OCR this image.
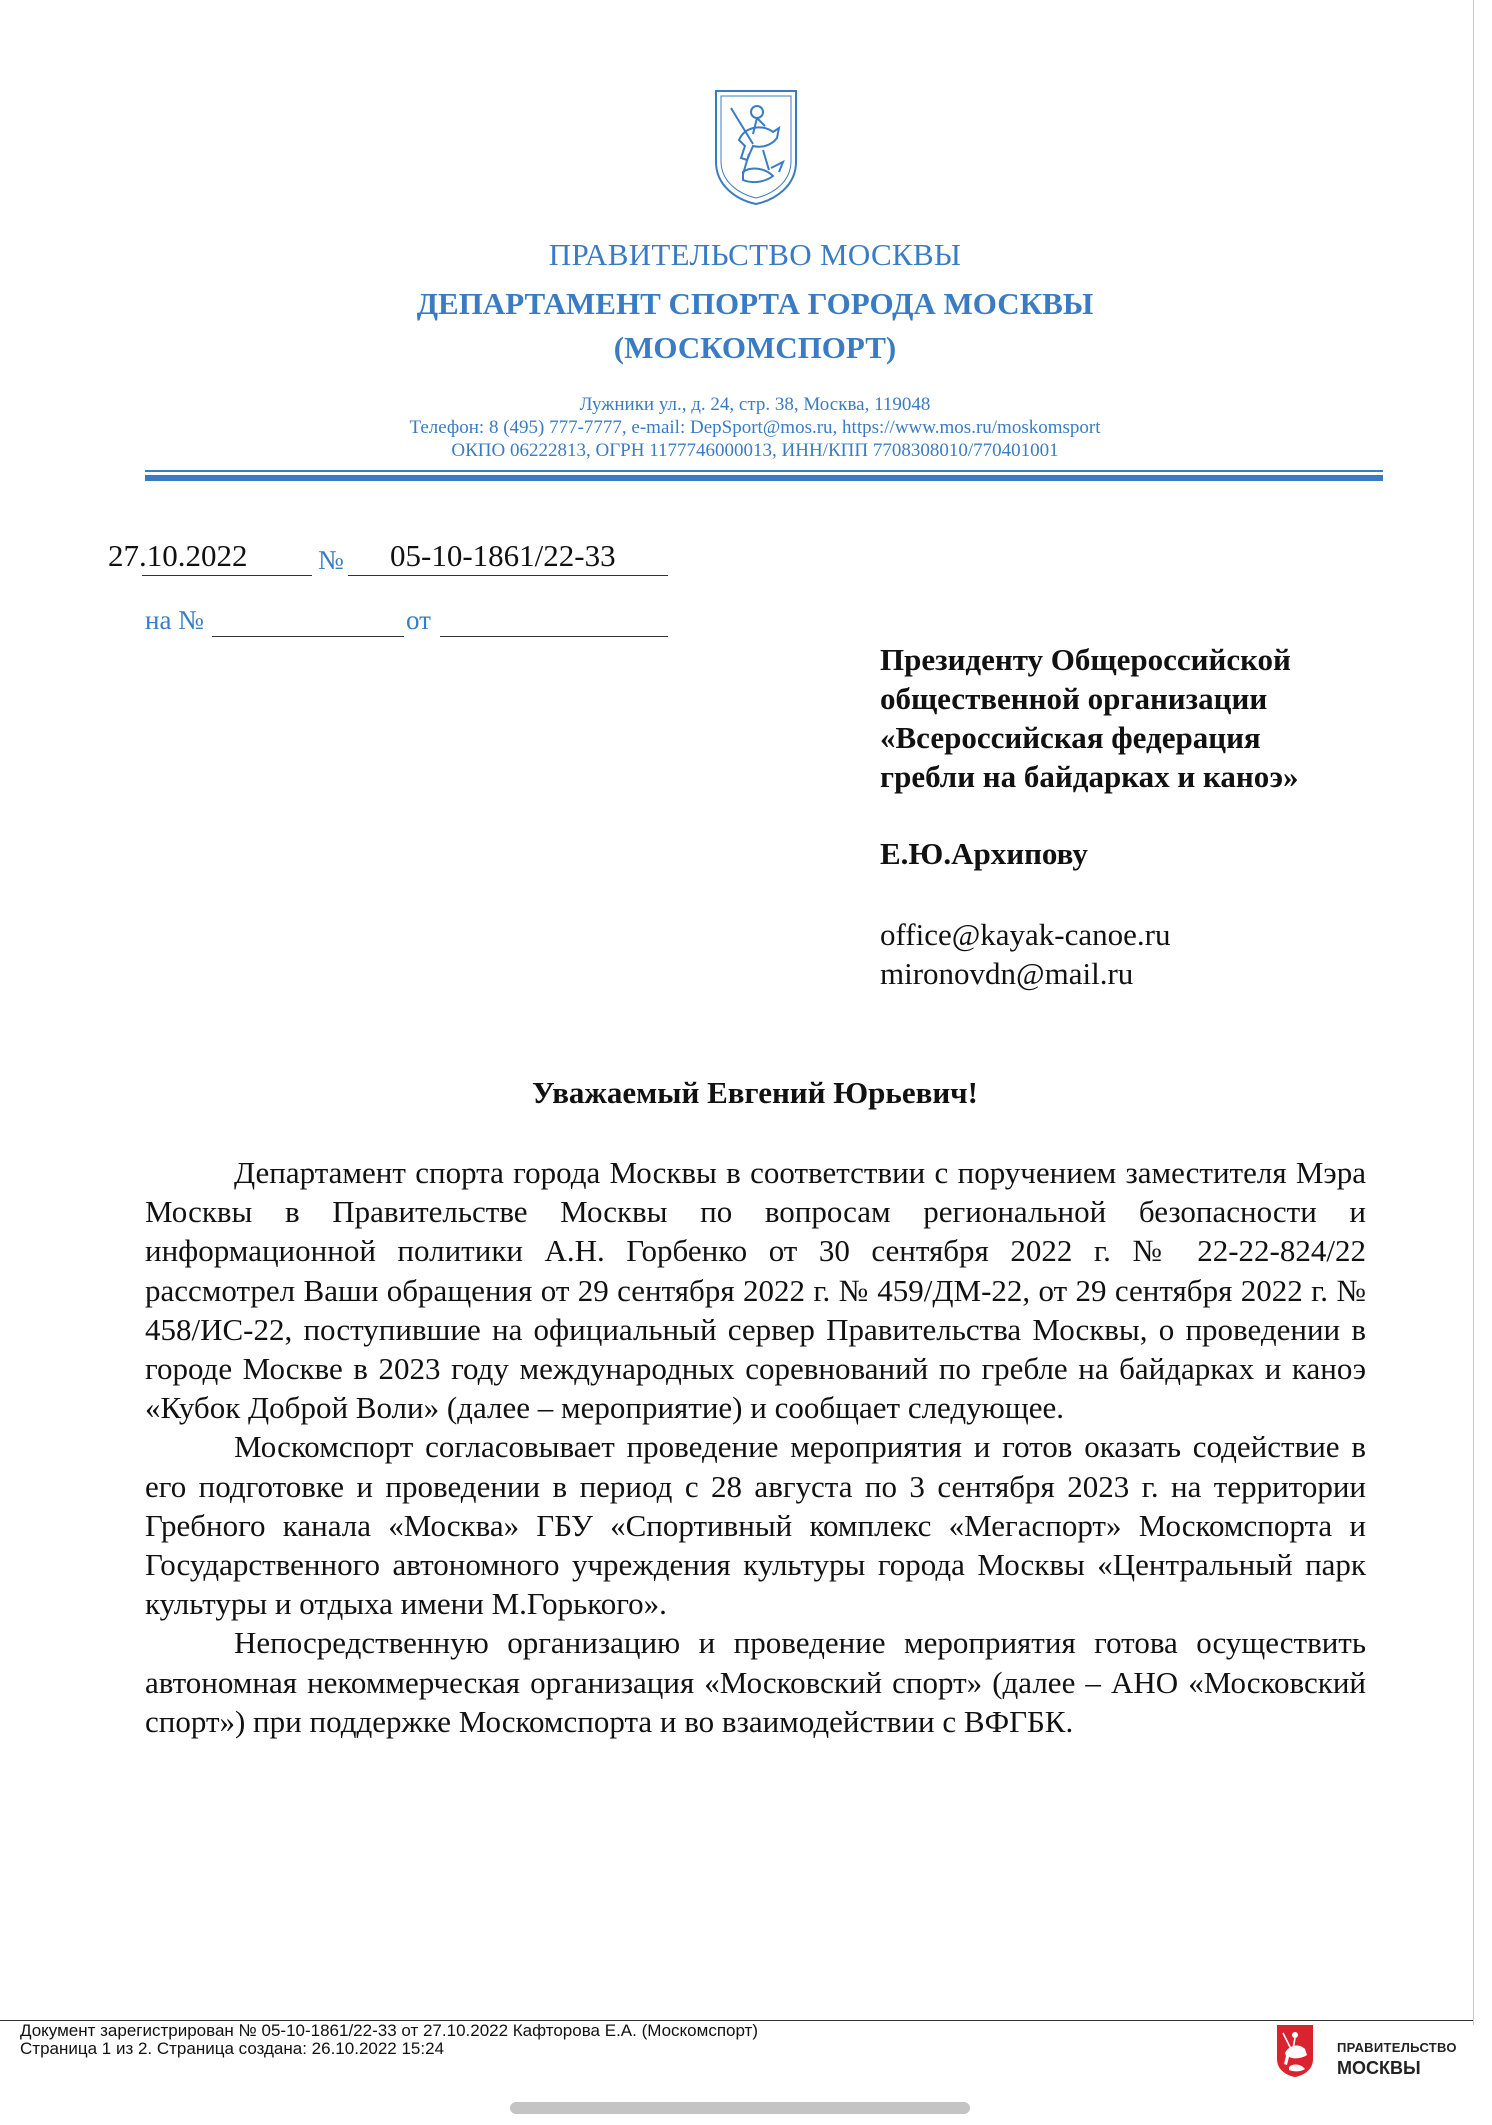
ПРАВИТЕЛЬСТВО МОСКВЫ
ДЕПАРТАМЕНТ СПОРТА ГОРОДА МОСКВЫ
(МОСКОМСПОРТ)
Лужники ул., д. 24, стр. 38, Москва, 119048
Телефон: 8 (495) 777-7777, e-mail: DepSport@mos.ru, https://www.mos.ru/moskomsport
ОКПО 06222813, ОГРН 1177746000013, ИНН/КПП 7708308010/770401001
27.10.2022	№ 05-10-1861/22-33
на №	от
Президенту Общероссийской
общественной организации
«Всероссийская федерация
гребли на байдарках и каноэ»
Е.Ю.Архипову
office@kayak-canoe.ru
mironovdn@mail.ru
Уважаемый Евгений Юрьевич!

Департамент спорта города Москвы в соответствии с поручением заместителя Мэра Москвы в Правительстве Москвы по вопросам региональной безопасности и информационной политики А.Н. Горбенко от 30 сентября 2022 г. № 22-22-824/22 рассмотрел Ваши обращения от 29 сентября 2022 г. № 459/ДМ-22, от 29 сентября 2022 г. № 458/ИС-22, поступившие на официальный сервер Правительства Москвы, о проведении в городе Москве в 2023 году международных соревнований по гребле на байдарках и каноэ «Кубок Доброй Воли» (далее – мероприятие) и сообщает следующее.

Москомспорт согласовывает проведение мероприятия и готов оказать содействие в его подготовке и проведении в период с 28 августа по 3 сентября 2023 г. на территории Гребного канала «Москва» ГБУ «Спортивный комплекс «Мегаспорт» Москомспорта и Государственного автономного учреждения культуры города Москвы «Центральный парк культуры и отдыха имени М.Горького».

Непосредственную организацию и проведение мероприятия готова осуществить автономная некоммерческая организация «Московский спорт» (далее – АНО «Московский спорт») при поддержке Москомспорта и во взаимодействии с ВФГБК.

Документ зарегистрирован № 05-10-1861/22-33 от 27.10.2022 Кафторова Е.А. (Москомспорт)
Страница 1 из 2. Страница создана: 26.10.2022 15:24	ПРАВИТЕЛЬСТВО
МОСКВЫ
